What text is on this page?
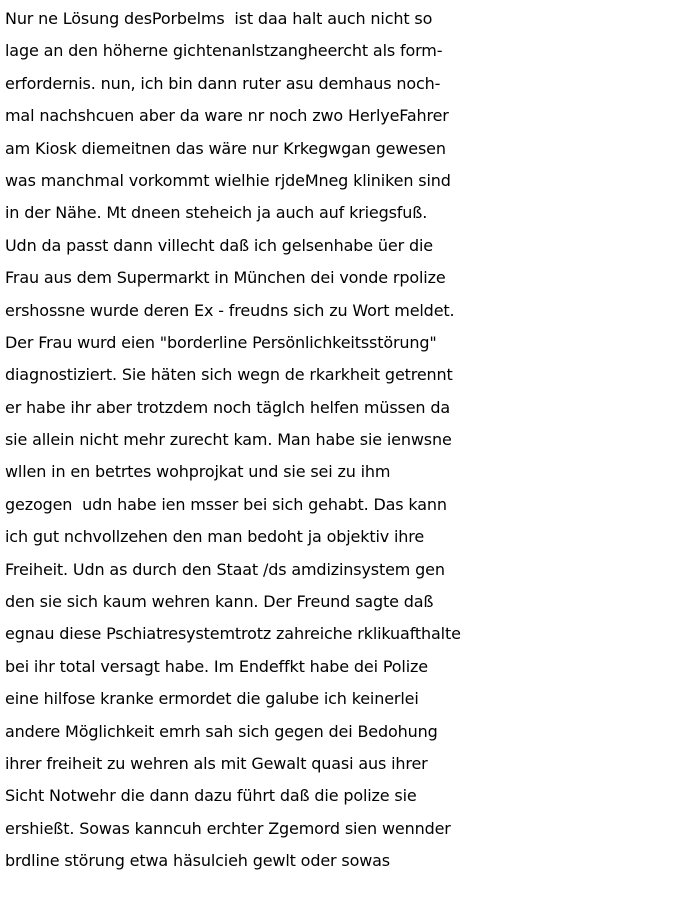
Nur ne Lösung desPorbelms  ist daa halt auch nicht so
lage an den höherne gichtenanlstzangheercht als form-
erfordernis. nun, ich bin dann ruter asu demhaus noch-
mal nachshcuen aber da ware nr noch zwo HerlyeFahrer
am Kiosk diemeitnen das wäre nur Krkegwgan gewesen
was manchmal vorkommt wielhie rjdeMneg kliniken sind
in der Nähe. Mt dneen steheich ja auch auf kriegsfuß.
Udn da passt dann villecht daß ich gelsenhabe üer die
Frau aus dem Supermarkt in München dei vonde rpolize
ershossne wurde deren Ex - freudns sich zu Wort meldet.
Der Frau wurd eien "borderline Persönlichkeitsstörung"
diagnostiziert. Sie häten sich wegn de rkarkheit getrennt
er habe ihr aber trotzdem noch täglch helfen müssen da
sie allein nicht mehr zurecht kam. Man habe sie ienwsne
wllen in en betrtes wohprojkat und sie sei zu ihm
gezogen  udn habe ien msser bei sich gehabt. Das kann
ich gut nchvollzehen den man bedoht ja objektiv ihre
Freiheit. Udn as durch den Staat /ds amdizinsystem gen
den sie sich kaum wehren kann. Der Freund sagte daß
egnau diese Pschiatresystemtrotz zahreiche rklikuafthalte
bei ihr total versagt habe. Im Endeffkt habe dei Polize
eine hilfose kranke ermordet die galube ich keinerlei
andere Möglichkeit emrh sah sich gegen dei Bedohung
ihrer freiheit zu wehren als mit Gewalt quasi aus ihrer
Sicht Notwehr die dann dazu führt daß die polize sie
ershießt. Sowas kanncuh erchter Zgemord sien wennder
brdline störung etwa häsulcieh gewlt oder sowas
